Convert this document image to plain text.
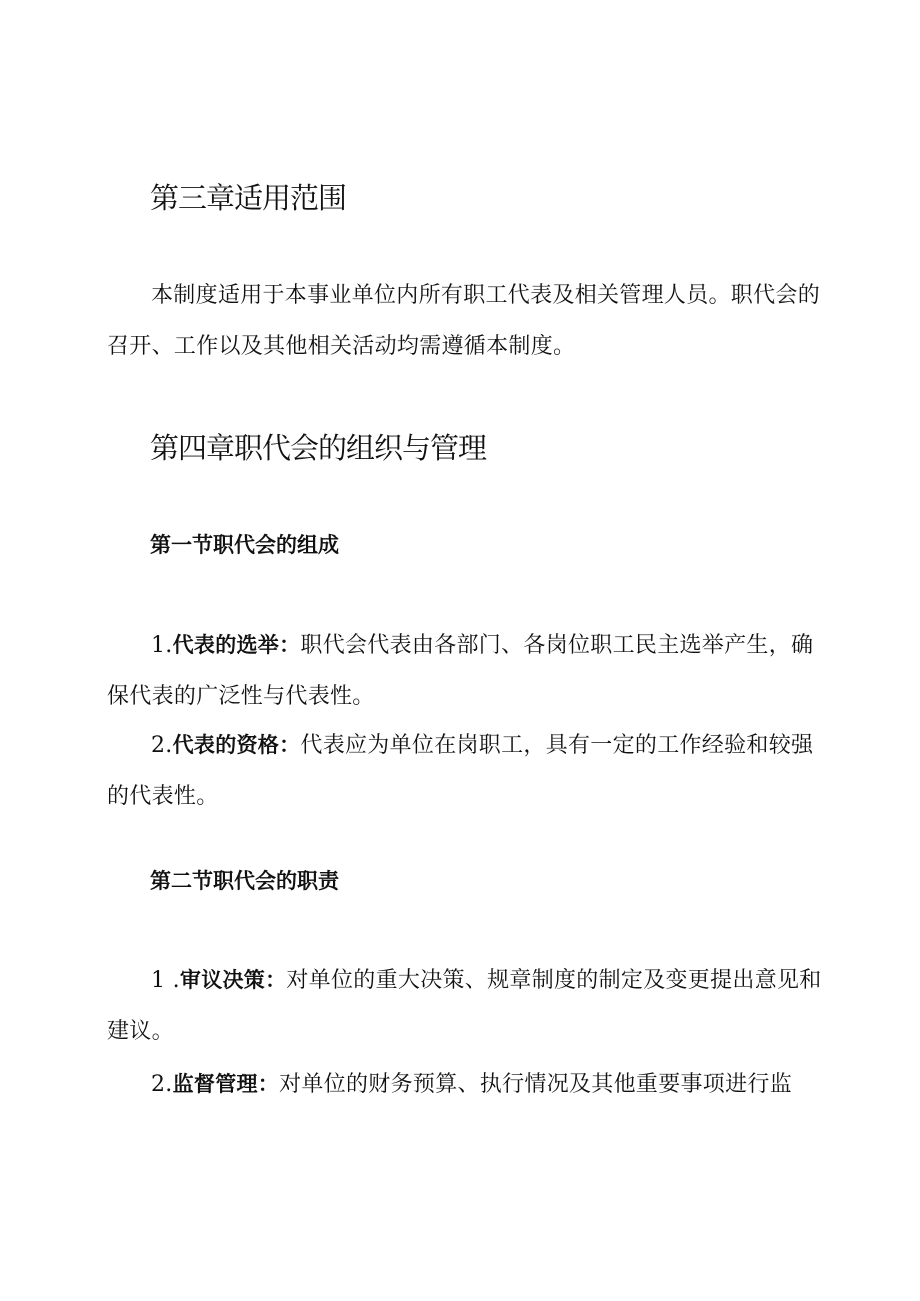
第三章适用范围

本制度适用于本事业单位内所有职工代表及相关管理人员。职代会的召开、工作以及其他相关活动均需遵循本制度。

第四章职代会的组织与管理
第一节职代会的组成

1.代表的选举：职代会代表由各部门、各岗位职工民主选举产生，确保代表的广泛性与代表性。

2.代表的资格：代表应为单位在岗职工，具有一定的工作经验和较强的代表性。

第二节职代会的职责

1 .审议决策：对单位的重大决策、规章制度的制定及变更提出意见和建议。

2.监督管理：对单位的财务预算、执行情况及其他重要事项进行监
